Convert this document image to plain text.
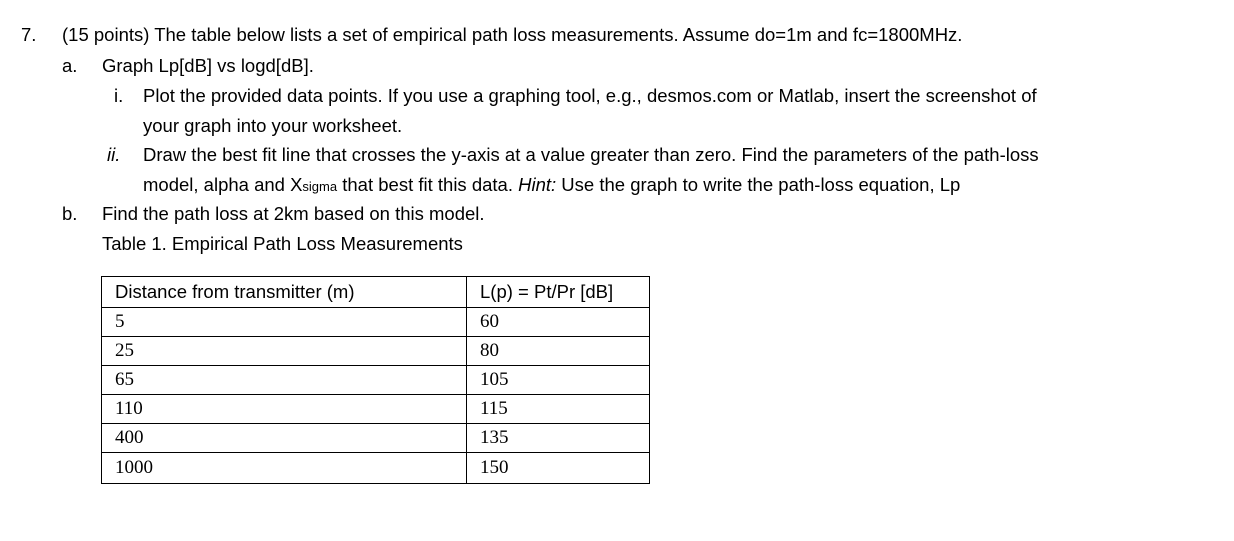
7. (15 points) The table below lists a set of empirical path loss measurements. Assume do=1m and fc=1800MHz.
a. Graph Lp[dB] vs logd[dB].
i. Plot the provided data points. If you use a graphing tool, e.g., desmos.com or Matlab, insert the screenshot of
your graph into your worksheet.
ii. Draw the best fit line that crosses the y-axis at a value greater than zero. Find the parameters of the path-loss
model, alpha and Xsigma that best fit this data. Hint: Use the graph to write the path-loss equation, Lp
b. Find the path loss at 2km based on this model.
Table 1. Empirical Path Loss Measurements
Distance from transmitter (m)	L(p) = Pt/Pr [dB]
5	60
25	80
65	105
110	115
400	135
1000	150
